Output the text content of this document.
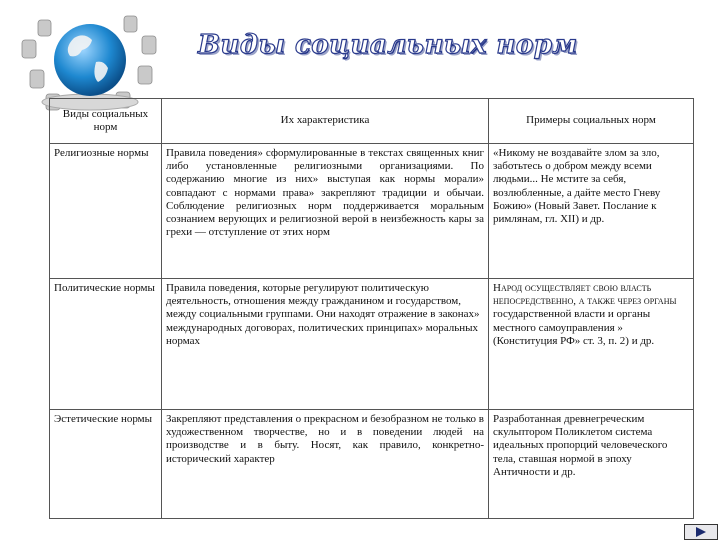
Виды социальных норм
Виды социальных норм	Их характеристика	Примеры социальных норм
Религиозные нормы	Правила поведения» сформулированные в текстах священных книг либо установленные религиозными организациями. По содержанию многие из них» выступая как нормы морали» совпадают с нормами права» закрепляют традиции и обычаи. Соблюдение религиозных норм поддерживается моральным сознанием верующих и религиозной верой в неизбежность кары за грехи — отступление от этих норм	«Никому не воздавайте злом за зло, заботьтесь о добром между всеми людьми... Не мстите за себя, возлюбленные, а дайте место Гневу Божию» (Новый Завет. Послание к римлянам, гл. XII) и др.
Политические нормы	Правила поведения, которые регулируют политическую деятельность, отношения между гражданином и государством, между социальными группами. Они находят отражение в законах» международных договорах, политических принципах» моральных нормах	Народ осуществляет свою власть непосредственно, а также через органы государственной власти и органы местного самоуправления » (Конституция РФ» ст. 3, п. 2) и др.
Эстетические нормы	Закрепляют представления о прекрасном и безобразном не только в художественном творчестве, но и в поведении людей на производстве и в быту. Носят, как правило, конкретно-исторический характер	Разработанная древнегреческим скульптором Поликлетом система идеальных пропорций человеческого тела, ставшая нормой в эпоху Античности и др.
